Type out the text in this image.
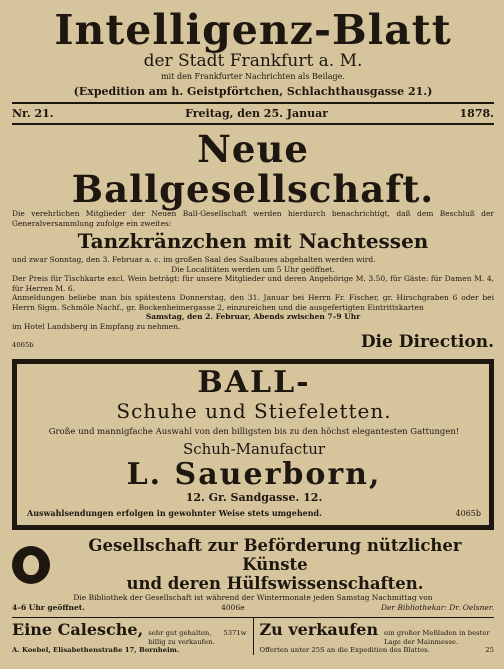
Intelligenz-Blatt
der Stadt Frankfurt a. M.
mit den Frankfurter Nachrichten als Beilage.
(Expedition am h. Geistpförtchen, Schlachthausgasse 21.)
Nr. 21.	Freitag, den 25. Januar	1878.
Neue Ballgesellschaft.
Die verehrlichen Mitglieder der Neuen Ball-Gesellschaft werden hierdurch benachrichtigt, daß dem Beschluß der Generalversammlung zufolge ein zweites:
Tanzkränzchen mit Nachtessen
und zwar Sonntag, den 3. Februar a. c. im großen Saal des Saalbaues abgehalten werden wird.
Die Localitäten werden um 5 Uhr geöffnet.
Der Preis für Tischkarte excl. Wein beträgt: für unsere Mitglieder und deren Angehörige M. 3.50, für Gäste: für Damen M. 4, für Herren M. 6.
Anmeldungen beliebe man bis spätestens Donnerstag, den 31. Januar bei Herrn Fr. Fischer, gr. Hirschgraben 6 oder bei Herrn Sigm. Schmöle Nachf., gr. Bockenheimergasse 2, einzureichen und die ausgefertigten Eintrittskarten
Samstag, den 2. Februar, Abends zwischen 7–9 Uhr
im Hotel Landsberg in Empfang zu nehmen.
4065b	Die Direction.
BALL-
Schuhe und Stiefeletten.
Große und mannigfache Auswahl von den billigsten bis zu den höchst elegantesten Gattungen!
Schuh-Manufactur
L. Sauerborn,
12. Gr. Sandgasse. 12.
Auswahlsendungen erfolgen in gewohnter Weise stets umgehend.	4065b
Gesellschaft zur Beförderung nützlicher Künste
und deren Hülfswissenschaften.
Die Bibliothek der Gesellschaft ist während der Wintermonate jeden Samstag Nachmittag von
4–6 Uhr geöffnet.	4006e	Der Bibliothekar: Dr. Oelsner.
Eine Calesche, sehr gut gehalten, billig zu verkaufen.
5371w
A. Koebel, Elisabethenstraße 17, Bornheim.
Zu verkaufen ein großer Meßladen in bester Lage der Mainmesse.
Offerten unter 25S an die Expedition des Blattes.	25
